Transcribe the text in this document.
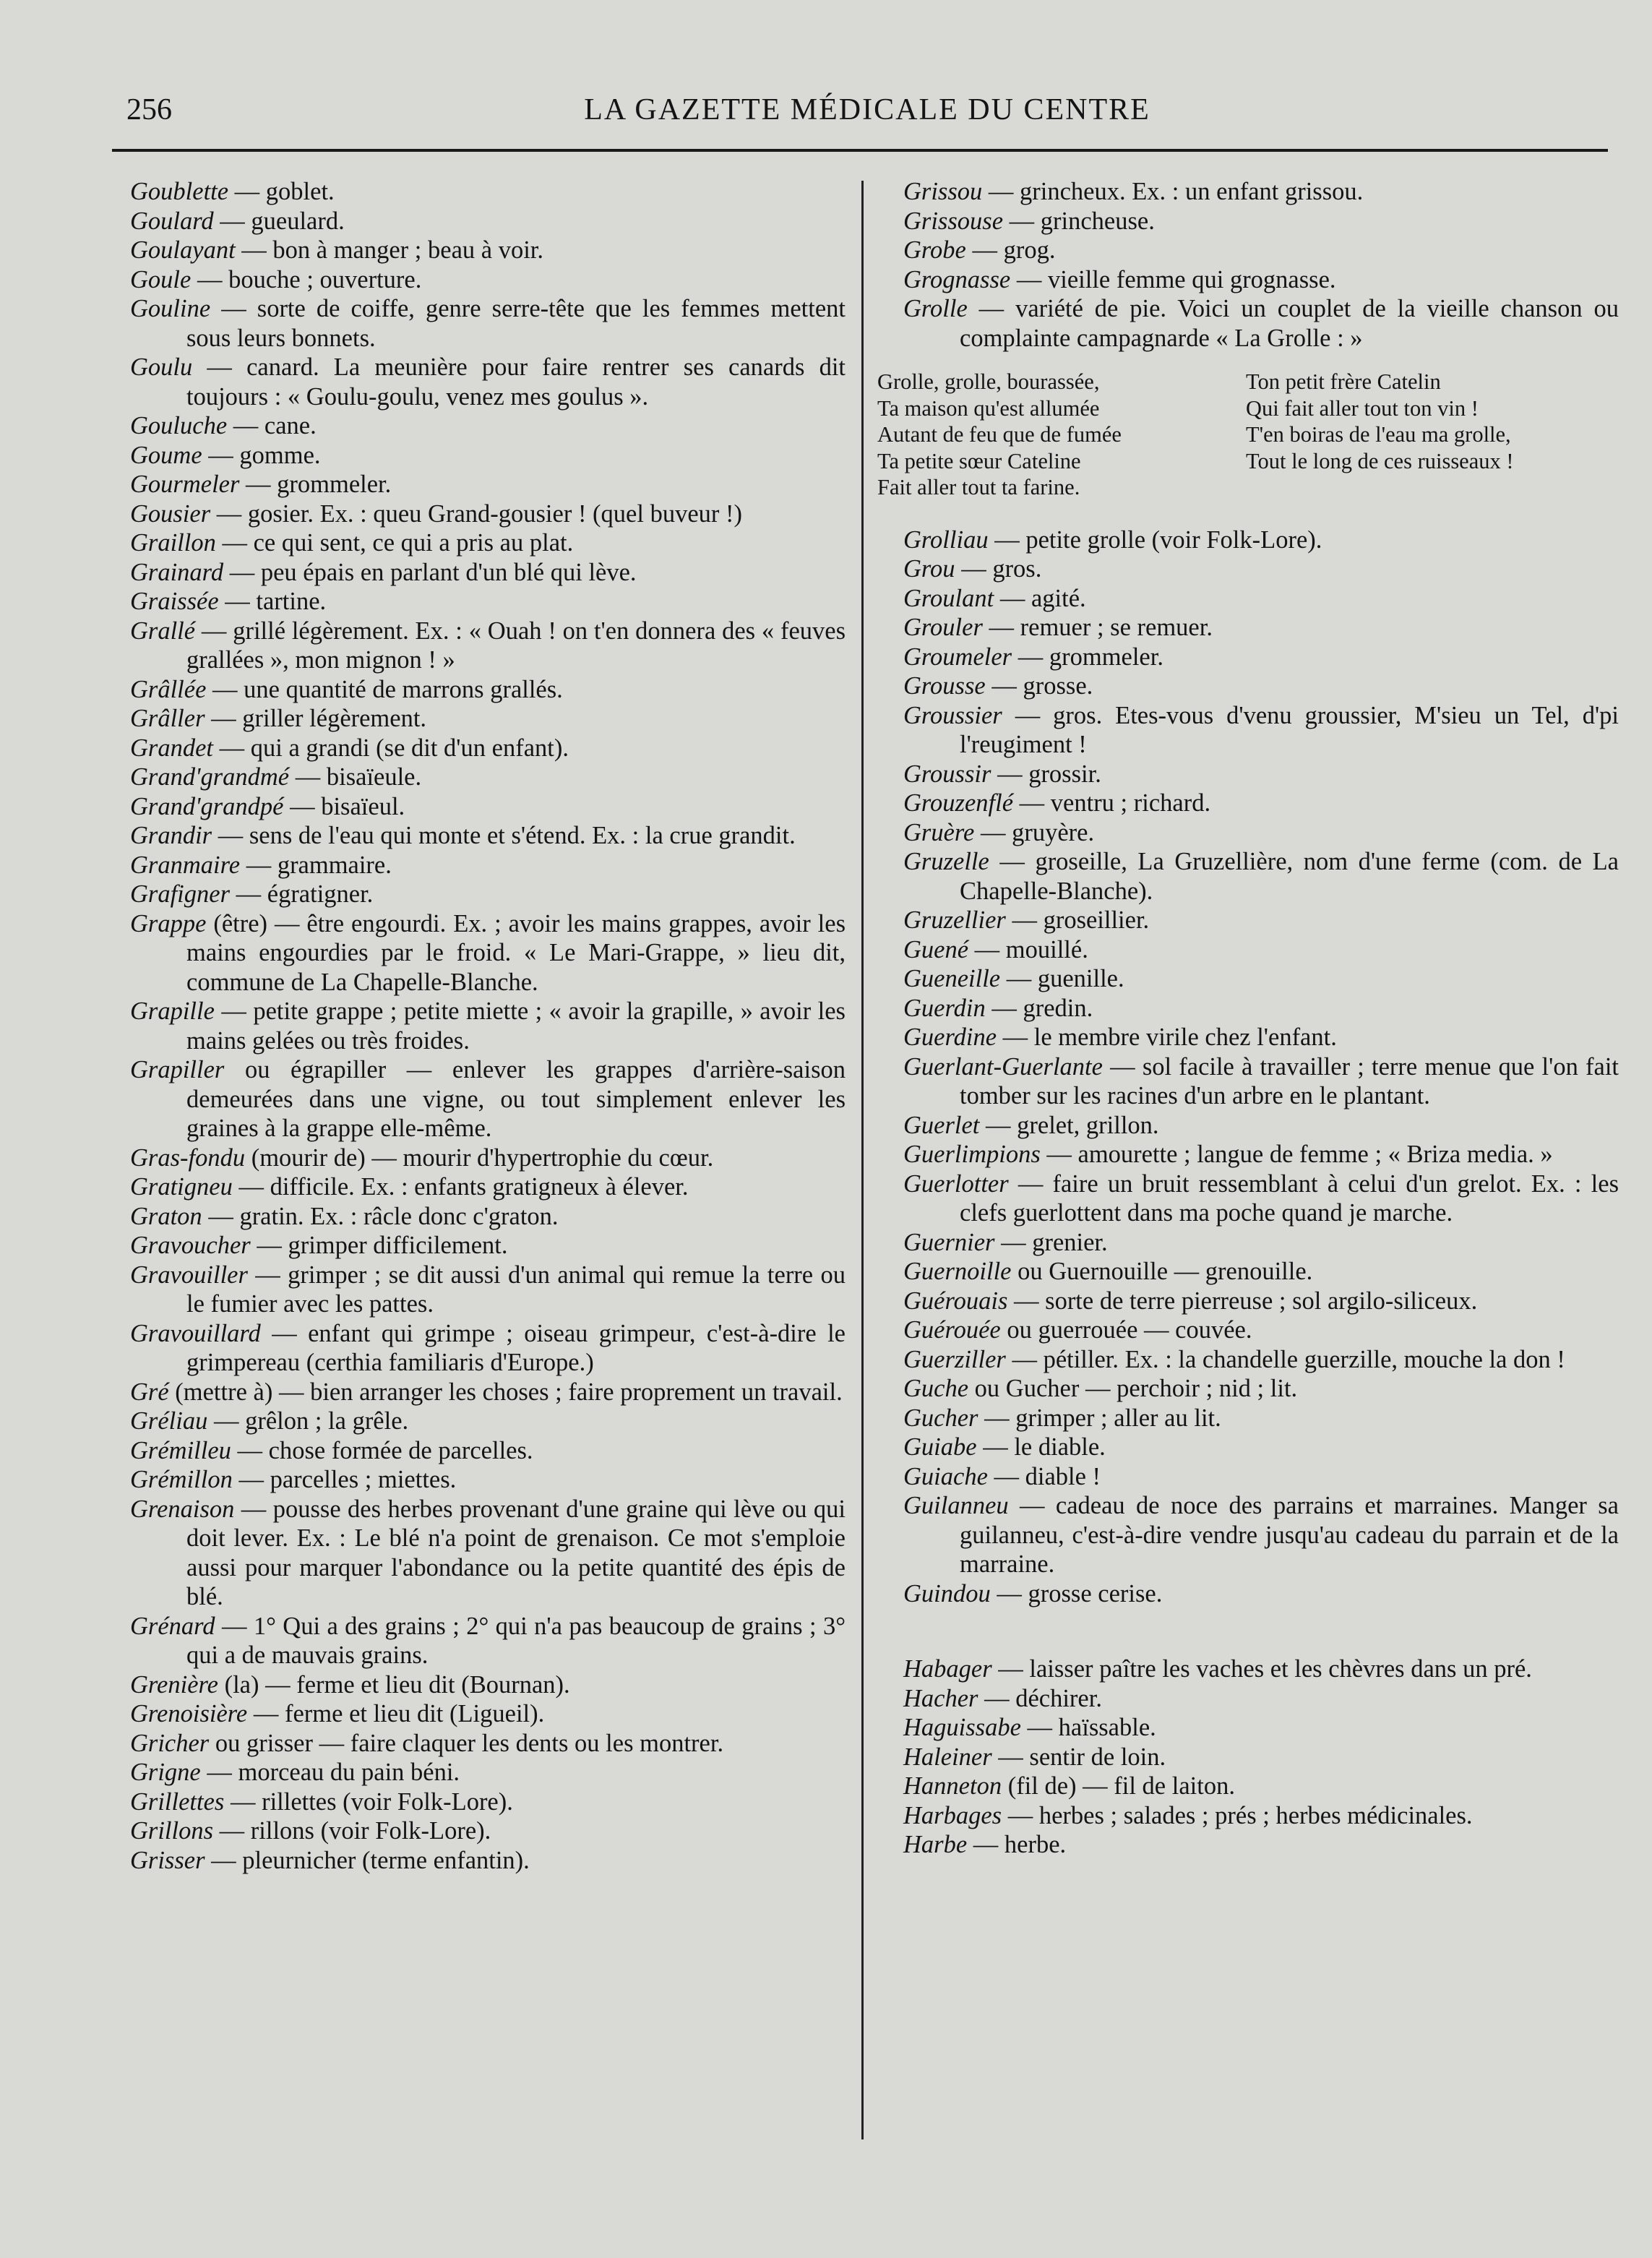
256	LA GAZETTE MÉDICALE DU CENTRE

Goublette — goblet.

Goulard — gueulard.

Goulayant — bon à manger ; beau à voir.

Goule — bouche ; ouverture.

Gouline — sorte de coiffe, genre serre-tête que les femmes mettent sous leurs bonnets.

Goulu — canard. La meunière pour faire rentrer ses canards dit toujours : « Goulu-goulu, venez mes goulus ».

Gouluche — cane.

Goume — gomme.

Gourmeler — grommeler.

Gousier — gosier. Ex. : queu Grand-gousier ! (quel buveur !)

Graillon — ce qui sent, ce qui a pris au plat.

Grainard — peu épais en parlant d'un blé qui lève.

Graissée — tartine.

Grallé — grillé légèrement. Ex. : « Ouah ! on t'en donnera des « feuves grallées », mon mignon ! »

Grâllée — une quantité de marrons grallés.

Grâller — griller légèrement.

Grandet — qui a grandi (se dit d'un enfant).

Grand'grandmé — bisaïeule.

Grand'grandpé — bisaïeul.

Grandir — sens de l'eau qui monte et s'étend. Ex. : la crue grandit.

Granmaire — grammaire.

Grafigner — égratigner.

Grappe (être) — être engourdi. Ex. ; avoir les mains grappes, avoir les mains engourdies par le froid. « Le Mari-Grappe, » lieu dit, commune de La Chapelle-Blanche.

Grapille — petite grappe ; petite miette ; « avoir la grapille, » avoir les mains gelées ou très froides.

Grapiller ou égrapiller — enlever les grappes d'arrière-saison demeurées dans une vigne, ou tout simplement enlever les graines à la grappe elle-même.

Gras-fondu (mourir de) — mourir d'hypertrophie du cœur.

Gratigneu — difficile. Ex. : enfants gratigneux à élever.

Graton — gratin. Ex. : râcle donc c'graton.

Gravoucher — grimper difficilement.

Gravouiller — grimper ; se dit aussi d'un animal qui remue la terre ou le fumier avec les pattes.

Gravouillard — enfant qui grimpe ; oiseau grimpeur, c'est-à-dire le grimpereau (certhia familiaris d'Europe.)

Gré (mettre à) — bien arranger les choses ; faire proprement un travail.

Gréliau — grêlon ; la grêle.

Grémilleu — chose formée de parcelles.

Grémillon — parcelles ; miettes.

Grenaison — pousse des herbes provenant d'une graine qui lève ou qui doit lever. Ex. : Le blé n'a point de grenaison. Ce mot s'emploie aussi pour marquer l'abondance ou la petite quantité des épis de blé.

Grénard — 1° Qui a des grains ; 2° qui n'a pas beaucoup de grains ; 3° qui a de mauvais grains.

Grenière (la) — ferme et lieu dit (Bournan).

Grenoisière — ferme et lieu dit (Ligueil).

Gricher ou grisser — faire claquer les dents ou les montrer.

Grigne — morceau du pain béni.

Grillettes — rillettes (voir Folk-Lore).

Grillons — rillons (voir Folk-Lore).

Grisser — pleurnicher (terme enfantin).

Grissou — grincheux. Ex. : un enfant grissou.

Grissouse — grincheuse.

Grobe — grog.

Grognasse — vieille femme qui grognasse.

Grolle — variété de pie. Voici un couplet de la vieille chanson ou complainte campagnarde « La Grolle : »

Grolle, grolle, bourassée,
Ta maison qu'est allumée
Autant de feu que de fumée
Ta petite sœur Cateline
Fait aller tout ta farine.
Ton petit frère Catelin
Qui fait aller tout ton vin !
T'en boiras de l'eau ma grolle,
Tout le long de ces ruisseaux !

Grolliau — petite grolle (voir Folk-Lore).

Grou — gros.

Groulant — agité.

Grouler — remuer ; se remuer.

Groumeler — grommeler.

Grousse — grosse.

Groussier — gros. Etes-vous d'venu groussier, M'sieu un Tel, d'pi l'reugiment !

Groussir — grossir.

Grouzenflé — ventru ; richard.

Gruère — gruyère.

Gruzelle — groseille, La Gruzellière, nom d'une ferme (com. de La Chapelle-Blanche).

Gruzellier — groseillier.

Guené — mouillé.

Gueneille — guenille.

Guerdin — gredin.

Guerdine — le membre virile chez l'enfant.

Guerlant-Guerlante — sol facile à travailler ; terre menue que l'on fait tomber sur les racines d'un arbre en le plantant.

Guerlet — grelet, grillon.

Guerlimpions — amourette ; langue de femme ; « Briza media. »

Guerlotter — faire un bruit ressemblant à celui d'un grelot. Ex. : les clefs guerlottent dans ma poche quand je marche.

Guernier — grenier.

Guernoille ou Guernouille — grenouille.

Guérouais — sorte de terre pierreuse ; sol argilo-siliceux.

Guérouée ou guerrouée — couvée.

Guerziller — pétiller. Ex. : la chandelle guerzille, mouche la don !

Guche ou Gucher — perchoir ; nid ; lit.

Gucher — grimper ; aller au lit.

Guiabe — le diable.

Guiache — diable !

Guilanneu — cadeau de noce des parrains et marraines. Manger sa guilanneu, c'est-à-dire vendre jusqu'au cadeau du parrain et de la marraine.

Guindou — grosse cerise.

Habager — laisser paître les vaches et les chèvres dans un pré.

Hacher — déchirer.

Haguissabe — haïssable.

Haleiner — sentir de loin.

Hanneton (fil de) — fil de laiton.

Harbages — herbes ; salades ; prés ; herbes médicinales.

Harbe — herbe.
